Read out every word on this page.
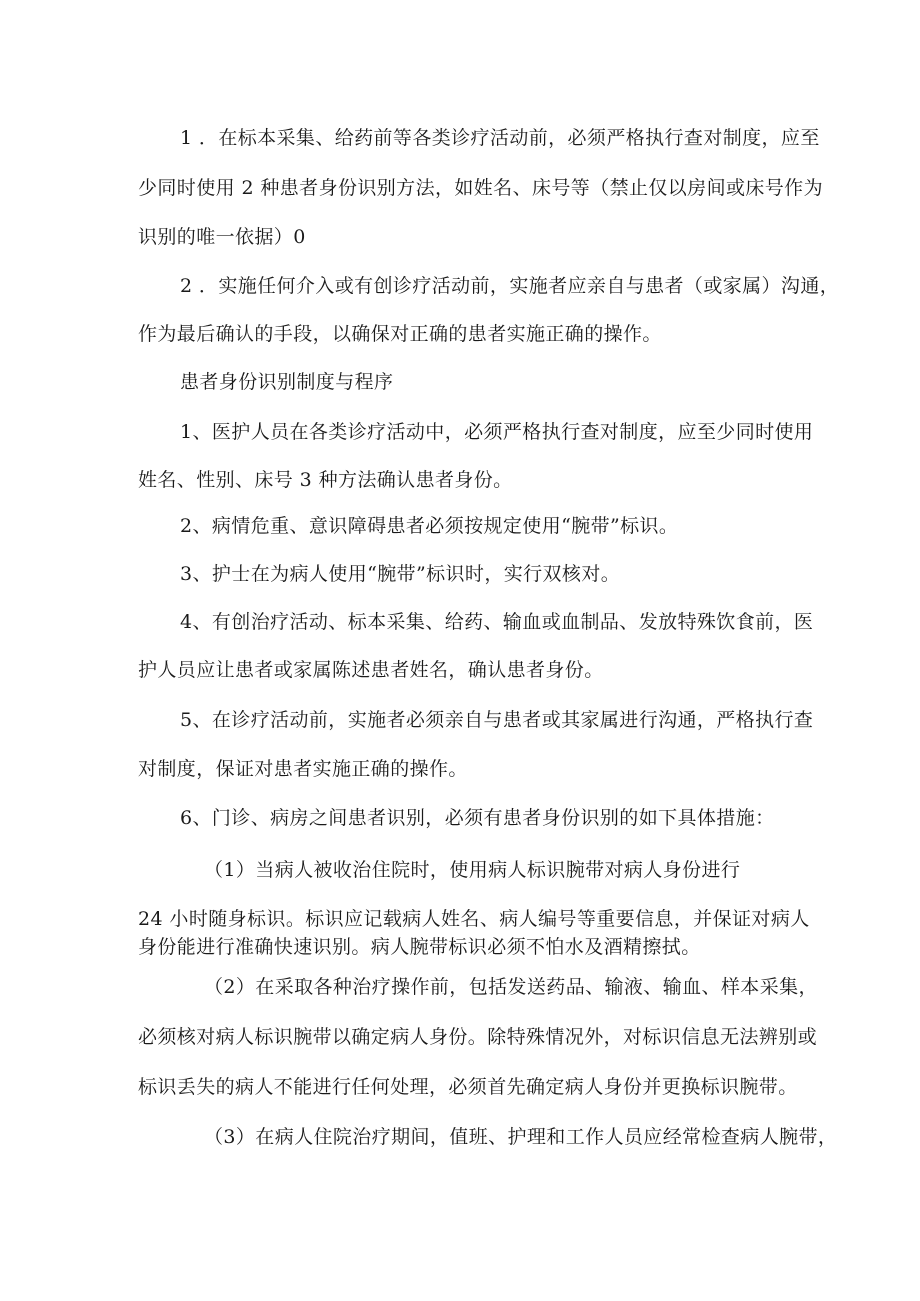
1 ．在标本采集、给药前等各类诊疗活动前，必须严格执行查对制度，应至
少同时使用 2 种患者身份识别方法，如姓名、床号等（禁止仅以房间或床号作为
识别的唯一依据）0
2 ．实施任何介入或有创诊疗活动前，实施者应亲自与患者（或家属）沟通，
作为最后确认的手段，以确保对正确的患者实施正确的操作。
患者身份识别制度与程序
1、医护人员在各类诊疗活动中，必须严格执行查对制度，应至少同时使用
姓名、性别、床号 3 种方法确认患者身份。
2、病情危重、意识障碍患者必须按规定使用“腕带”标识。
3、护士在为病人使用“腕带”标识时，实行双核对。
4、有创治疗活动、标本采集、给药、输血或血制品、发放特殊饮食前，医
护人员应让患者或家属陈述患者姓名，确认患者身份。
5、在诊疗活动前，实施者必须亲自与患者或其家属进行沟通，严格执行查
对制度，保证对患者实施正确的操作。
6、门诊、病房之间患者识别，必须有患者身份识别的如下具体措施：
（1）当病人被收治住院时，使用病人标识腕带对病人身份进行
24 小时随身标识。标识应记载病人姓名、病人编号等重要信息，并保证对病人
身份能进行准确快速识别。病人腕带标识必须不怕水及酒精擦拭。
（2）在采取各种治疗操作前，包括发送药品、输液、输血、样本采集，
必须核对病人标识腕带以确定病人身份。除特殊情况外，对标识信息无法辨别或
标识丢失的病人不能进行任何处理，必须首先确定病人身份并更换标识腕带。
（3）在病人住院治疗期间，值班、护理和工作人员应经常检查病人腕带，
